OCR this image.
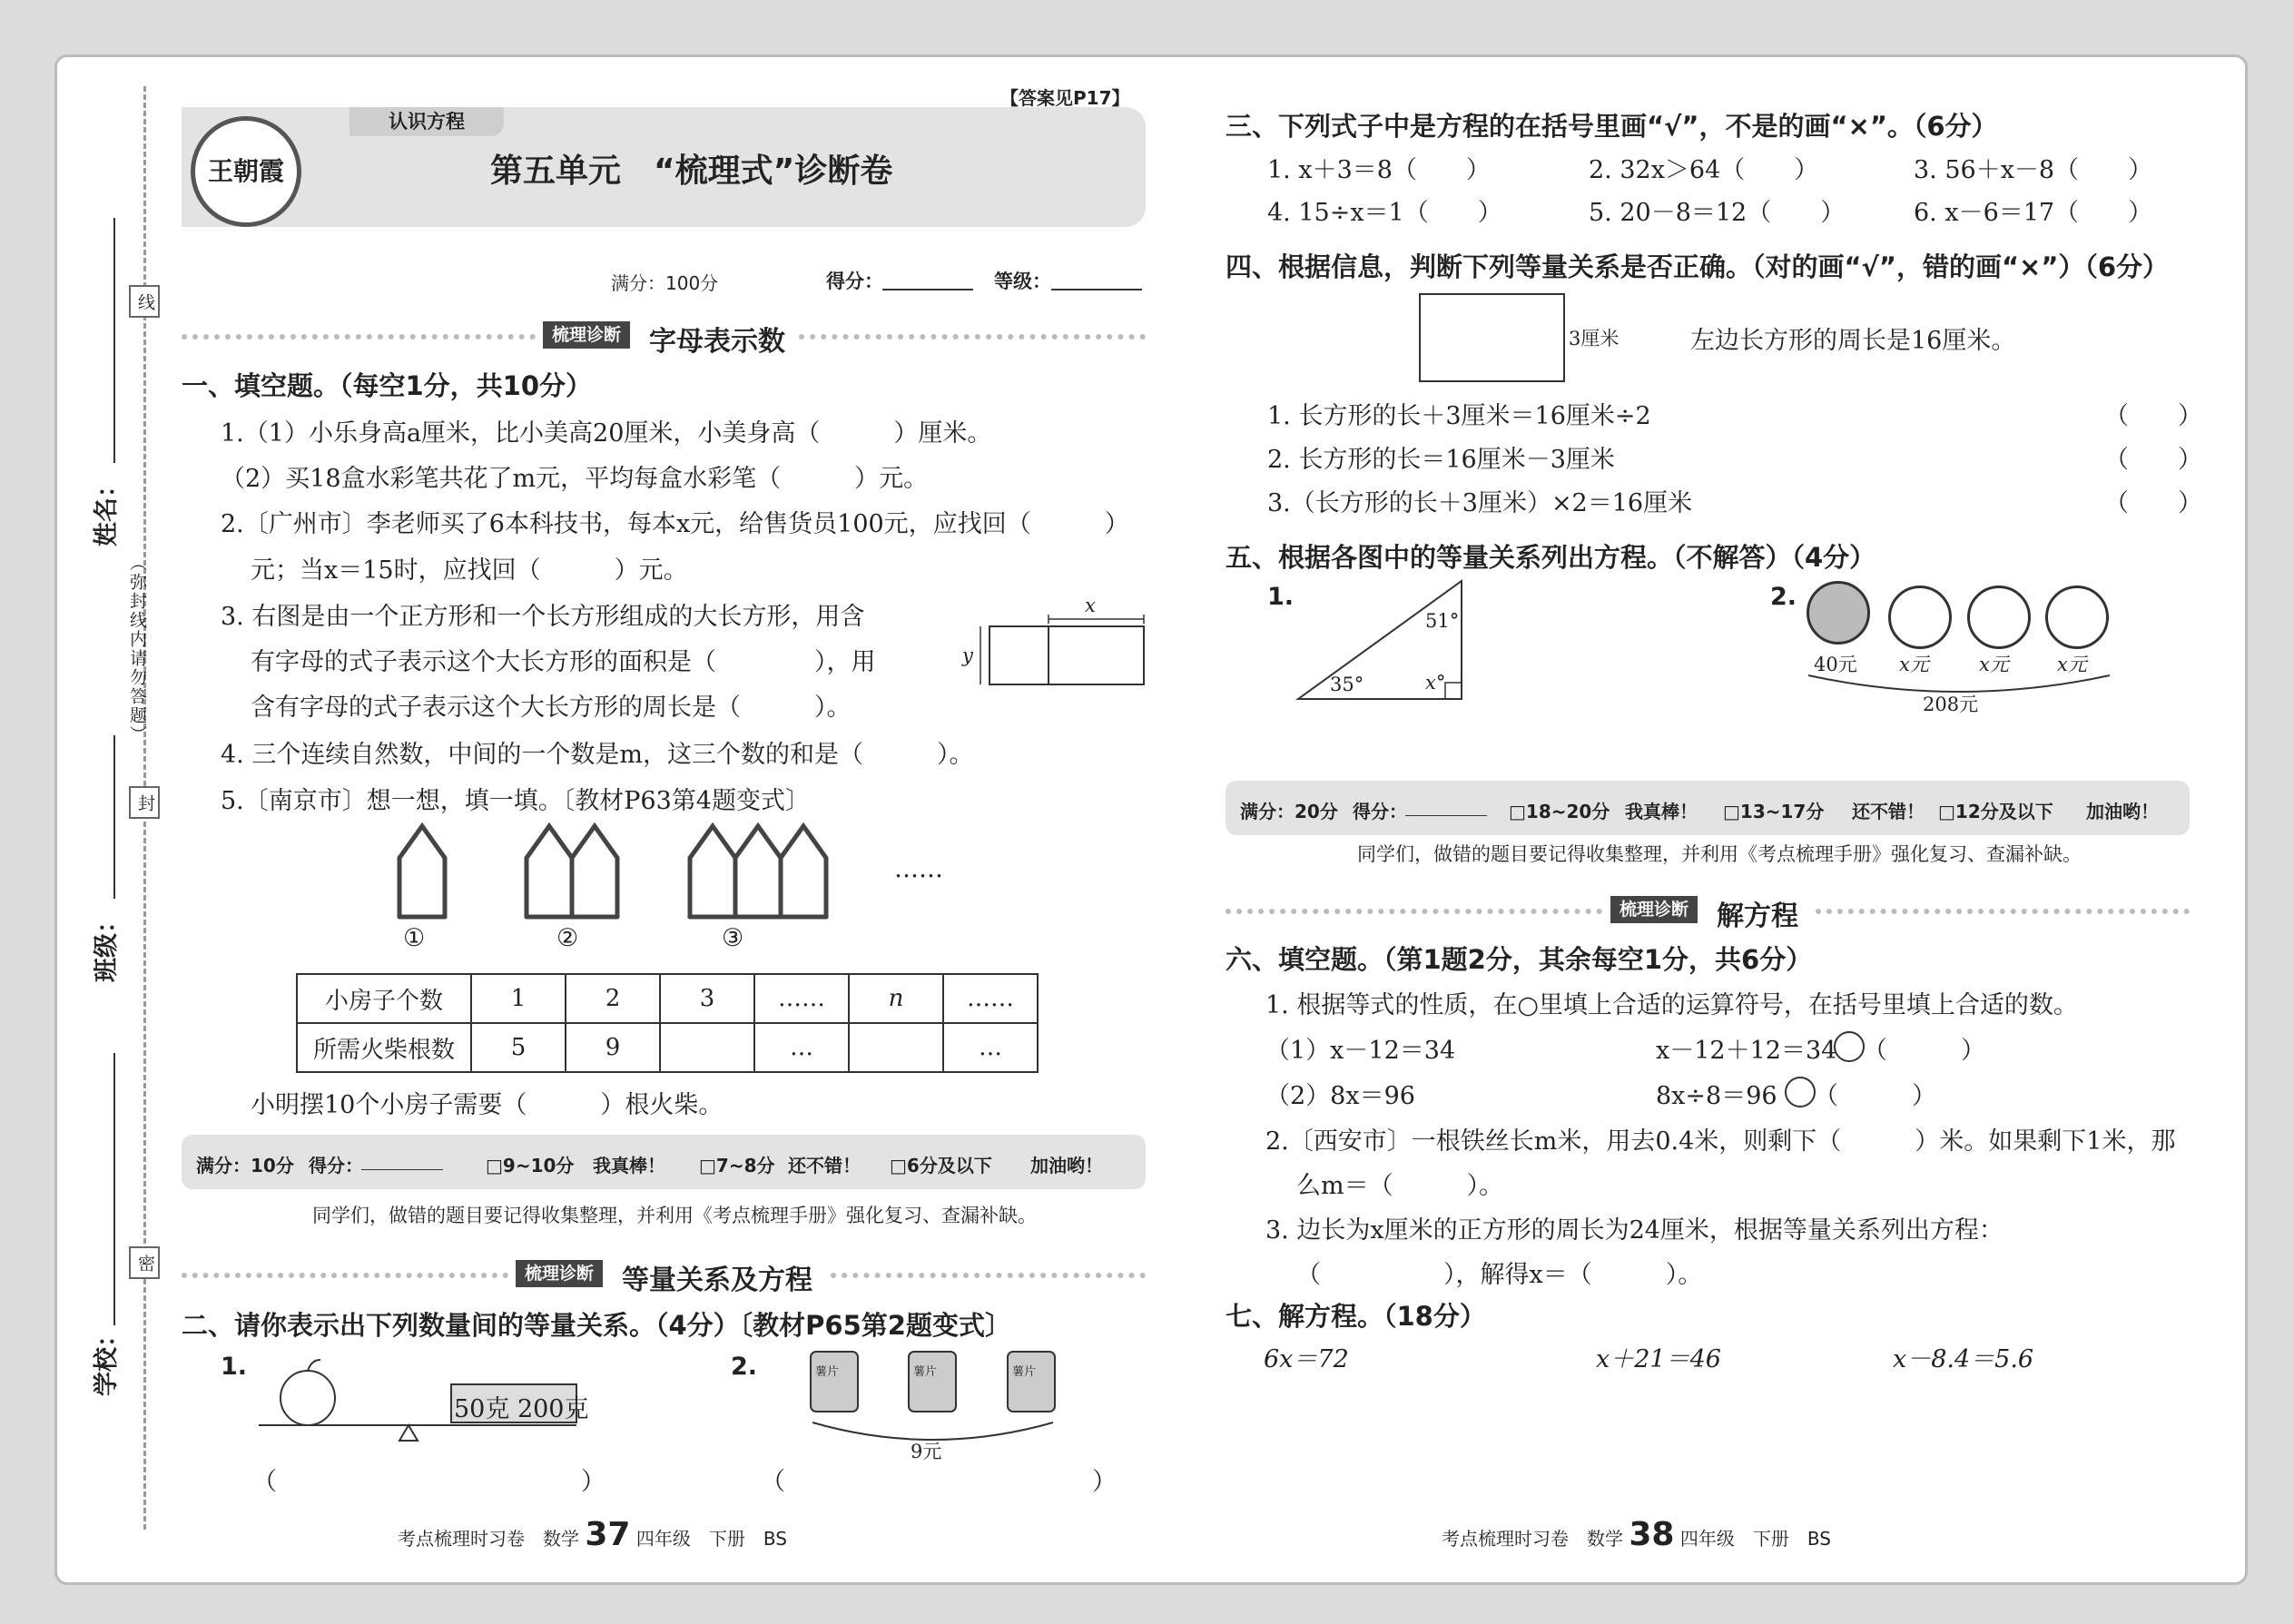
姓名：
班级：
学校：
线
封
密
（弥封线内请勿答题）
王朝霞
认识方程
【答案见P17】
第五单元　“梳理式”诊断卷
满分：100分	得分：	等级：
梳理诊断	字母表示数
一、填空题。（每空1分，共10分）
1.（1）小乐身高a厘米，比小美高20厘米，小美身高（　　　）厘米。
（2）买18盒水彩笔共花了m元，平均每盒水彩笔（　　　）元。
2.〔广州市〕李老师买了6本科技书，每本x元，给售货员100元，应找回（　　　）
元；当x＝15时，应找回（　　　）元。
3. 右图是由一个正方形和一个长方形组成的大长方形，用含
有字母的式子表示这个大长方形的面积是（　　　　），用
含有字母的式子表示这个大长方形的周长是（　　　）。
x
y
4. 三个连续自然数，中间的一个数是m，这三个数的和是（　　　）。
5.〔南京市〕想一想，填一填。〔教材P63第4题变式〕
……
①	②	③
小房子个数	1	2	3	……	n	……
所需火柴根数	5	9		…		…
小明摆10个小房子需要（　　　）根火柴。
满分：10分 得分：	□9~10分 我真棒！ □7~8分 还不错！ □6分及以下 加油哟！
同学们，做错的题目要记得收集整理，并利用《考点梳理手册》强化复习、查漏补缺。
梳理诊断	等量关系及方程
二、请你表示出下列数量间的等量关系。（4分）〔教材P65第2题变式〕
1.	2.
50克 200克
（	）
薯片	薯片	薯片
9元
（	）
三、下列式子中是方程的在括号里画“√”，不是的画“×”。（6分）
1. x＋3＝8（　　）	2. 32x＞64（　　）	3. 56＋x－8（　　）
4. 15÷x＝1（　　）	5. 20－8＝12（　　）	6. x－6＝17（　　）
四、根据信息，判断下列等量关系是否正确。（对的画“√”，错的画“×”）（6分）
3厘米	左边长方形的周长是16厘米。
1. 长方形的长＋3厘米＝16厘米÷2	（　　）
2. 长方形的长＝16厘米－3厘米	（　　）
3.（长方形的长＋3厘米）×2＝16厘米	（　　）
五、根据各图中的等量关系列出方程。（不解答）（4分）
1.
51°
35°	x°
2.
40元 x元	x元	x元
208元
满分：20分 得分：	□18~20分 我真棒！ □13~17分 还不错！ □12分及以下 加油哟！
同学们，做错的题目要记得收集整理，并利用《考点梳理手册》强化复习、查漏补缺。
梳理诊断	解方程
六、填空题。（第1题2分，其余每空1分，共6分）
1. 根据等式的性质，在○里填上合适的运算符号，在括号里填上合适的数。
（1）x－12＝34	x－12＋12＝34 （　　　）
（2）8x＝96	8x÷8＝96 （　　　）
2.〔西安市〕一根铁丝长m米，用去0.4米，则剩下（　　　）米。如果剩下1米，那
么m＝（　　　）。
3. 边长为x厘米的正方形的周长为24厘米，根据等量关系列出方程：
（　　　　　），解得x＝（　　　）。
七、解方程。（18分）
6x＝72	x＋21＝46	x－8.4＝5.6
考点梳理时习卷　数学 37 四年级　下册　BS	考点梳理时习卷　数学 38 四年级　下册　BS
